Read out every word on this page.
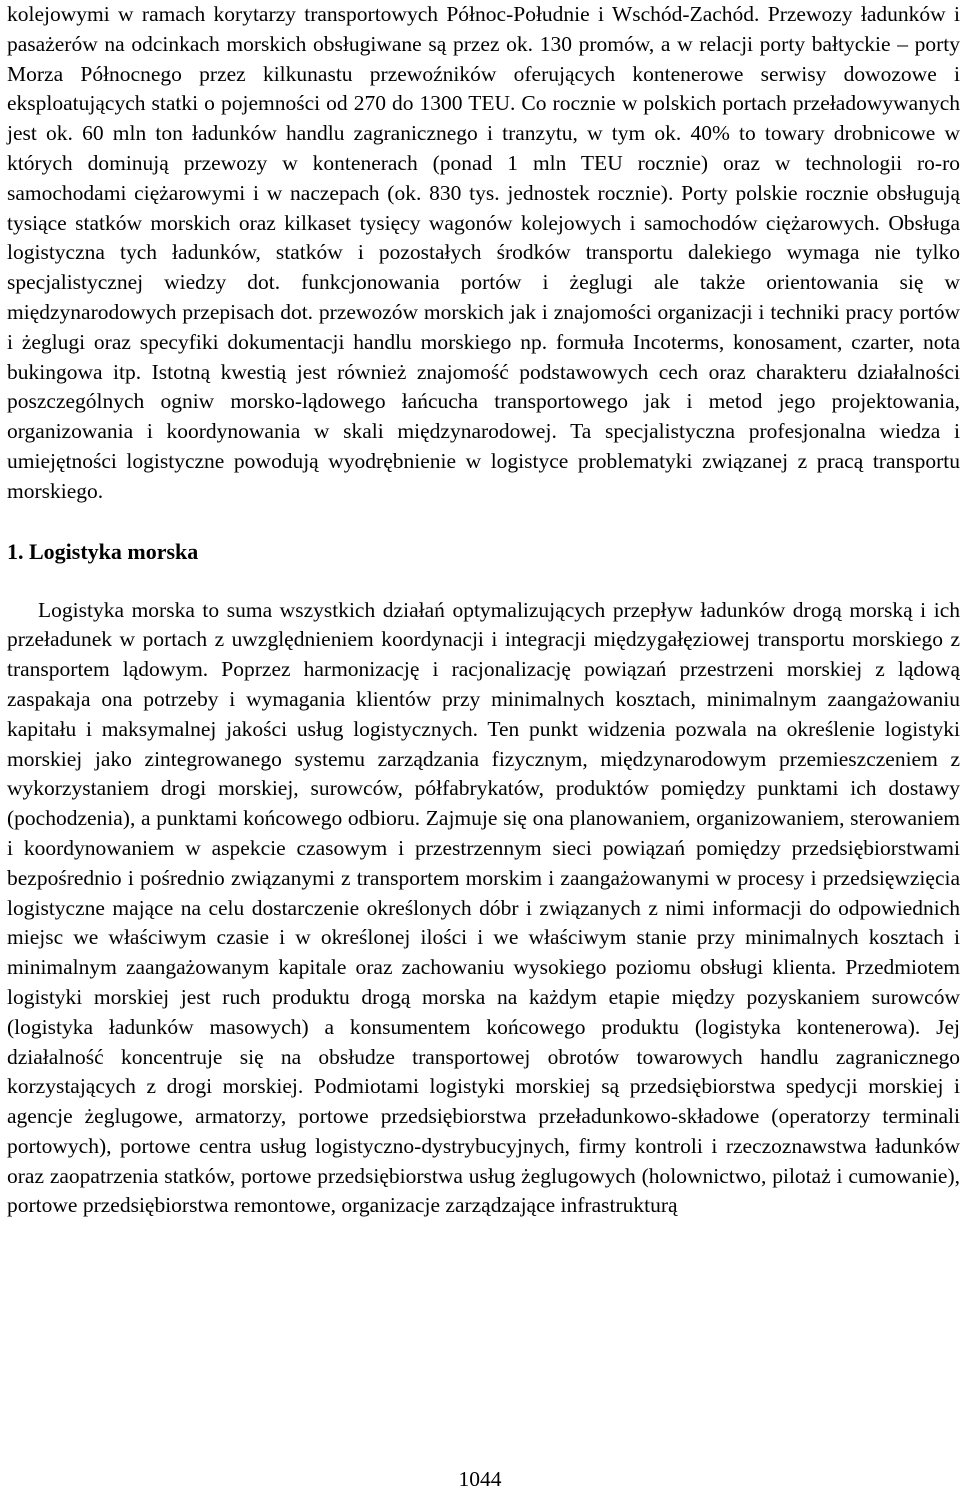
kolejowymi w ramach korytarzy transportowych Północ-Południe i Wschód-Zachód. Przewozy ładunków i pasażerów na odcinkach morskich obsługiwane są przez ok. 130 promów, a w relacji porty bałtyckie – porty Morza Północnego przez kilkunastu przewoźników oferujących kontenerowe serwisy dowozowe i eksploatujących statki o pojemności od 270 do 1300 TEU. Co rocznie w polskich portach przeładowywanych jest ok. 60 mln ton ładunków handlu zagranicznego i tranzytu, w tym ok. 40% to towary drobnicowe w których dominują przewozy w kontenerach (ponad 1 mln TEU rocznie) oraz w technologii ro-ro samochodami ciężarowymi i w naczepach (ok. 830 tys. jednostek rocznie). Porty polskie rocznie obsługują tysiące statków morskich oraz kilkaset tysięcy wagonów kolejowych i samochodów ciężarowych. Obsługa logistyczna tych ładunków, statków i pozostałych środków transportu dalekiego wymaga nie tylko specjalistycznej wiedzy dot. funkcjonowania portów i żeglugi ale także orientowania się w międzynarodowych przepisach dot. przewozów morskich jak i znajomości organizacji i techniki pracy portów i żeglugi oraz specyfiki dokumentacji handlu morskiego np. formuła Incoterms, konosament, czarter, nota bukingowa itp. Istotną kwestią jest również znajomość podstawowych cech oraz charakteru działalności poszczególnych ogniw morsko-lądowego łańcucha transportowego jak i metod jego projektowania, organizowania i koordynowania w skali międzynarodowej. Ta specjalistyczna profesjonalna wiedza i umiejętności logistyczne powodują wyodrębnienie w logistyce problematyki związanej z pracą transportu morskiego.

1. Logistyka morska

Logistyka morska to suma wszystkich działań optymalizujących przepływ ładunków drogą morską i ich przeładunek w portach z uwzględnieniem koordynacji i integracji międzygałęziowej transportu morskiego z transportem lądowym. Poprzez harmonizację i racjonalizację powiązań przestrzeni morskiej z lądową zaspakaja ona potrzeby i wymagania klientów przy minimalnych kosztach, minimalnym zaangażowaniu kapitału i maksymalnej jakości usług logistycznych. Ten punkt widzenia pozwala na określenie logistyki morskiej jako zintegrowanego systemu zarządzania fizycznym, międzynarodowym przemieszczeniem z wykorzystaniem drogi morskiej, surowców, półfabrykatów, produktów pomiędzy punktami ich dostawy (pochodzenia), a punktami końcowego odbioru. Zajmuje się ona planowaniem, organizowaniem, sterowaniem i koordynowaniem w aspekcie czasowym i przestrzennym sieci powiązań pomiędzy przedsiębiorstwami bezpośrednio i pośrednio związanymi z transportem morskim i zaangażowanymi w procesy i przedsięwzięcia logistyczne mające na celu dostarczenie określonych dóbr i związanych z nimi informacji do odpowiednich miejsc we właściwym czasie i w określonej ilości i we właściwym stanie przy minimalnych kosztach i minimalnym zaangażowanym kapitale oraz zachowaniu wysokiego poziomu obsługi klienta. Przedmiotem logistyki morskiej jest ruch produktu drogą morska na każdym etapie między pozyskaniem surowców (logistyka ładunków masowych) a konsumentem końcowego produktu (logistyka kontenerowa). Jej działalność koncentruje się na obsłudze transportowej obrotów towarowych handlu zagranicznego korzystających z drogi morskiej. Podmiotami logistyki morskiej są przedsiębiorstwa spedycji morskiej i agencje żeglugowe, armatorzy, portowe przedsiębiorstwa przeładunkowo-składowe (operatorzy terminali portowych), portowe centra usług logistyczno-dystrybucyjnych, firmy kontroli i rzeczoznawstwa ładunków oraz zaopatrzenia statków, portowe przedsiębiorstwa usług żeglugowych (holownictwo, pilotaż i cumowanie), portowe przedsiębiorstwa remontowe, organizacje zarządzające infrastrukturą

1044
